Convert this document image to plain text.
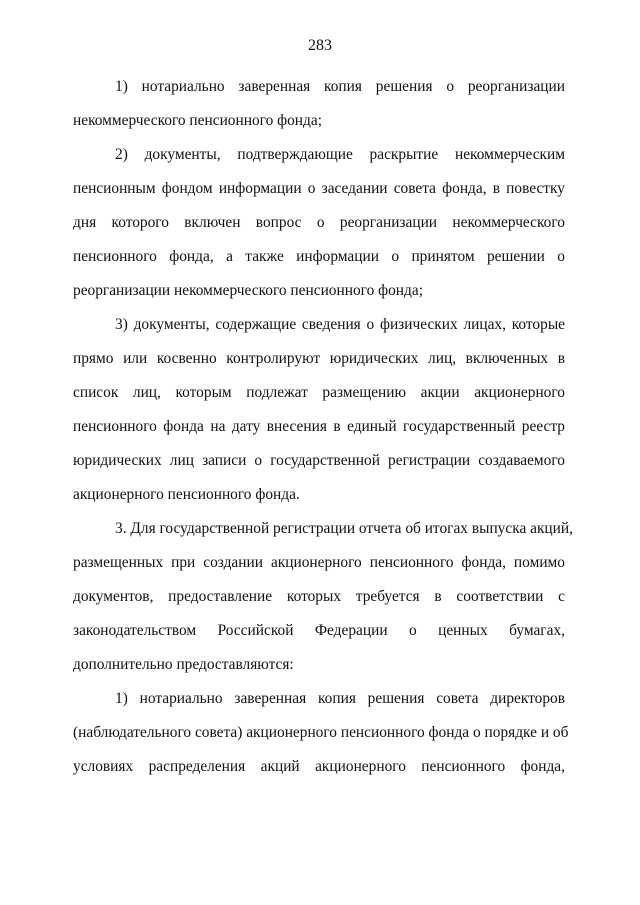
283
1) нотариально заверенная копия решения о реорганизации
некоммерческого пенсионного фонда;
2) документы, подтверждающие раскрытие некоммерческим
пенсионным фондом информации о заседании совета фонда, в повестку
дня которого включен вопрос о реорганизации некоммерческого
пенсионного фонда, а также информации о принятом решении о
реорганизации некоммерческого пенсионного фонда;
3) документы, содержащие сведения о физических лицах, которые
прямо или косвенно контролируют юридических лиц, включенных в
список лиц, которым подлежат размещению акции акционерного
пенсионного фонда на дату внесения в единый государственный реестр
юридических лиц записи о государственной регистрации создаваемого
акционерного пенсионного фонда.
3. Для государственной регистрации отчета об итогах выпуска акций,
размещенных при создании акционерного пенсионного фонда, помимо
документов, предоставление которых требуется в соответствии с
законодательством Российской Федерации о ценных бумагах,
дополнительно предоставляются:
1) нотариально заверенная копия решения совета директоров
(наблюдательного совета) акционерного пенсионного фонда о порядке и об
условиях распределения акций акционерного пенсионного фонда,
